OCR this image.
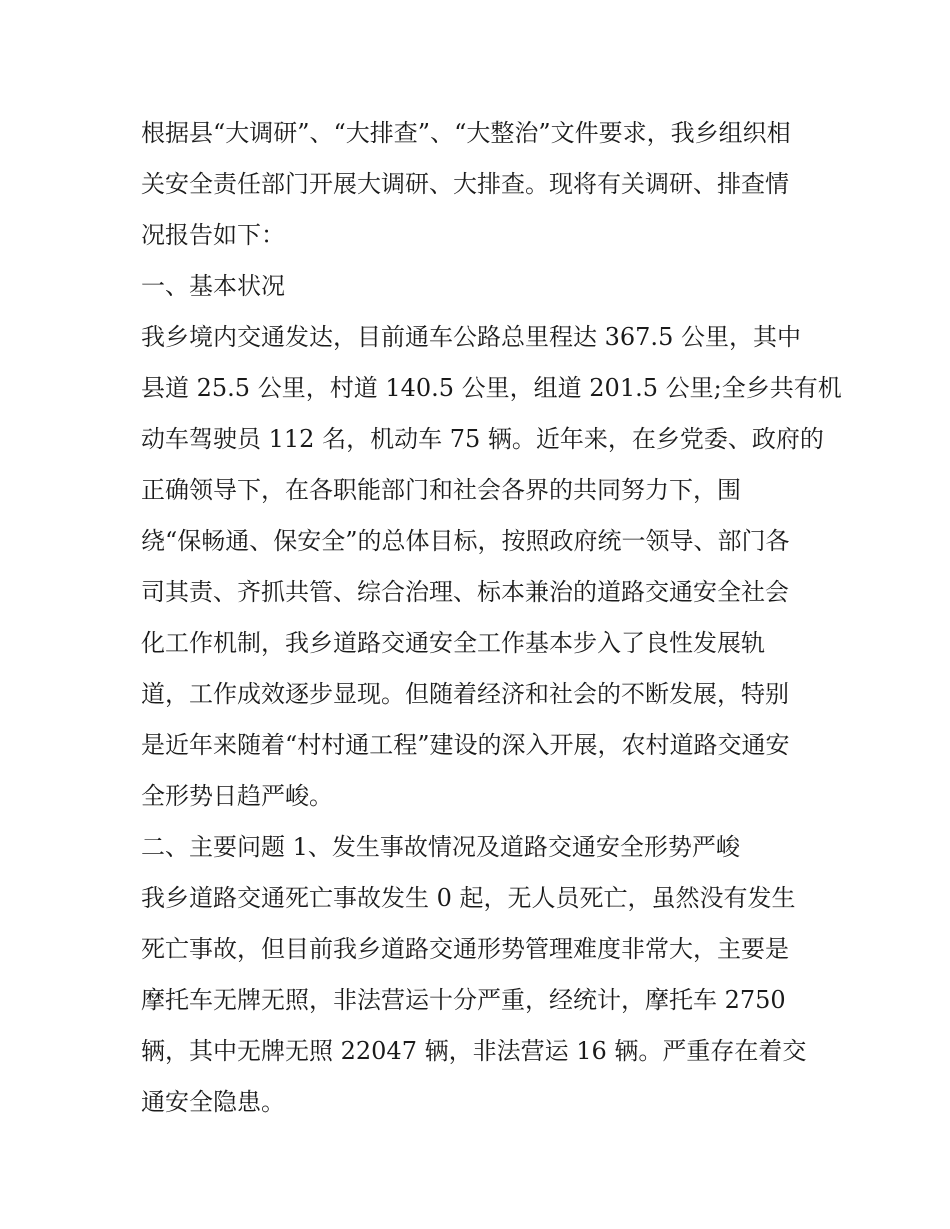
根据县“大调研”、“大排查”、“大整治”文件要求，我乡组织相
关安全责任部门开展大调研、大排查。现将有关调研、排查情
况报告如下：
一、基本状况
我乡境内交通发达，目前通车公路总里程达 367.5 公里，其中
县道 25.5 公里，村道 140.5 公里，组道 201.5 公里;全乡共有机
动车驾驶员 112 名，机动车 75 辆。近年来，在乡党委、政府的
正确领导下，在各职能部门和社会各界的共同努力下，围
绕“保畅通、保安全”的总体目标，按照政府统一领导、部门各
司其责、齐抓共管、综合治理、标本兼治的道路交通安全社会
化工作机制，我乡道路交通安全工作基本步入了良性发展轨
道，工作成效逐步显现。但随着经济和社会的不断发展，特别
是近年来随着“村村通工程”建设的深入开展，农村道路交通安
全形势日趋严峻。
二、主要问题 1、发生事故情况及道路交通安全形势严峻
我乡道路交通死亡事故发生 0 起，无人员死亡，虽然没有发生
死亡事故，但目前我乡道路交通形势管理难度非常大，主要是
摩托车无牌无照，非法营运十分严重，经统计，摩托车 2750
辆，其中无牌无照 22047 辆，非法营运 16 辆。严重存在着交
通安全隐患。
